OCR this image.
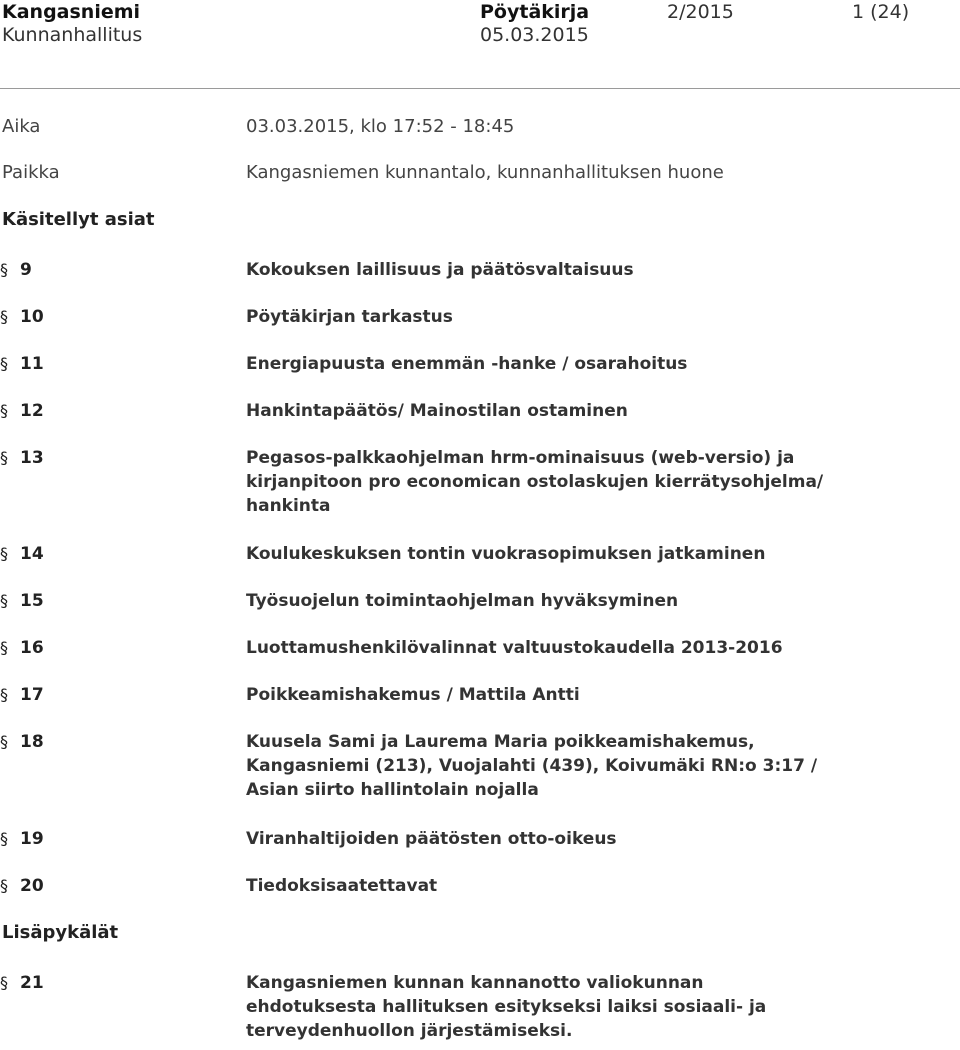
Kangasniemi	Pöytäkirja	2/2015	1 (24)
Kunnanhallitus	05.03.2015
Aika	03.03.2015, klo 17:52 - 18:45
Paikka	Kangasniemen kunnantalo, kunnanhallituksen huone
Käsitellyt asiat
§ 9	Kokouksen laillisuus ja päätösvaltaisuus
§ 10	Pöytäkirjan tarkastus
§ 11	Energiapuusta enemmän -hanke / osarahoitus
§ 12	Hankintapäätös/ Mainostilan ostaminen
§ 13	Pegasos-palkkaohjelman hrm-ominaisuus (web-versio) ja kirjanpitoon pro economican ostolaskujen kierrätysohjelma/ hankinta
§ 14	Koulukeskuksen tontin vuokrasopimuksen jatkaminen
§ 15	Työsuojelun toimintaohjelman hyväksyminen
§ 16	Luottamushenkilövalinnat valtuustokaudella 2013-2016
§ 17	Poikkeamishakemus / Mattila Antti
§ 18	Kuusela Sami ja Laurema Maria poikkeamishakemus, Kangasniemi (213), Vuojalahti (439), Koivumäki RN:o 3:17 / Asian siirto hallintolain nojalla
§ 19	Viranhaltijoiden päätösten otto-oikeus
§ 20	Tiedoksisaatettavat
Lisäpykälät
§ 21	Kangasniemen kunnan kannanotto valiokunnan ehdotuksesta hallituksen esitykseksi laiksi sosiaali- ja terveydenhuollon järjestämiseksi.
